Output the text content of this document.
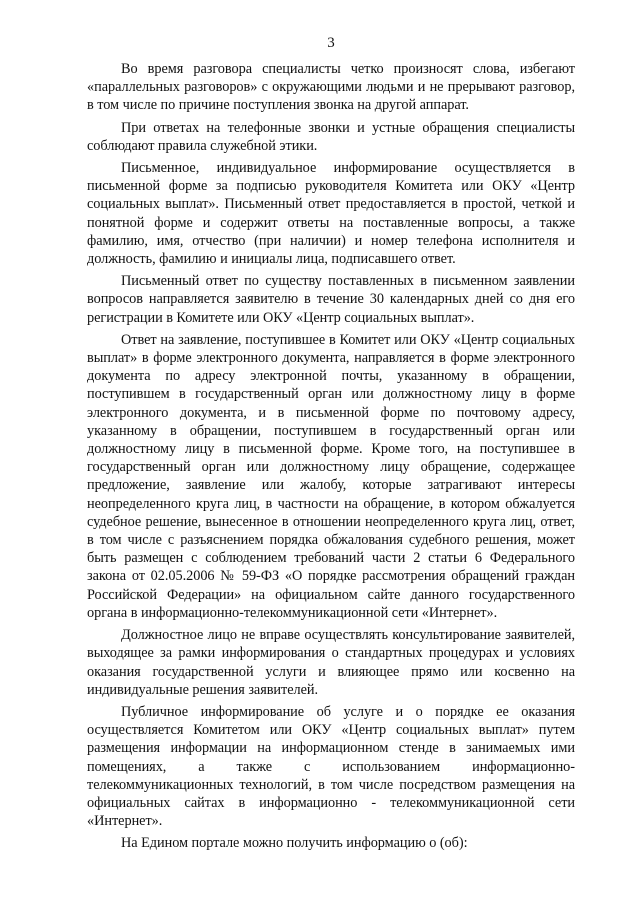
3

Во время разговора специалисты четко произносят слова, избегают «параллельных разговоров» с окружающими людьми и не прерывают разговор, в том числе по причине поступления звонка на другой аппарат.

При ответах на телефонные звонки и устные обращения специалисты соблюдают правила служебной этики.

Письменное, индивидуальное информирование осуществляется в письменной форме за подписью руководителя Комитета или ОКУ «Центр социальных выплат». Письменный ответ предоставляется в простой, четкой и понятной форме и содержит ответы на поставленные вопросы, а также фамилию, имя, отчество (при наличии) и номер телефона исполнителя и должность, фамилию и инициалы лица, подписавшего ответ.

Письменный ответ по существу поставленных в письменном заявлении вопросов направляется заявителю в течение 30 календарных дней со дня его регистрации в Комитете или ОКУ «Центр социальных выплат».

Ответ на заявление, поступившее в Комитет или ОКУ «Центр социальных выплат» в форме электронного документа, направляется в форме электронного документа по адресу электронной почты, указанному в обращении, поступившем в государственный орган или должностному лицу в форме электронного документа, и в письменной форме по почтовому адресу, указанному в обращении, поступившем в государственный орган или должностному лицу в письменной форме. Кроме того, на поступившее в государственный орган или должностному лицу обращение, содержащее предложение, заявление или жалобу, которые затрагивают интересы неопределенного круга лиц, в частности на обращение, в котором обжалуется судебное решение, вынесенное в отношении неопределенного круга лиц, ответ, в том числе с разъяснением порядка обжалования судебного решения, может быть размещен с соблюдением требований части 2 статьи 6 Федерального закона от 02.05.2006 № 59-ФЗ «О порядке рассмотрения обращений граждан Российской Федерации» на официальном сайте данного государственного органа в информационно-телекоммуникационной сети «Интернет».

Должностное лицо не вправе осуществлять консультирование заявителей, выходящее за рамки информирования о стандартных процедурах и условиях оказания государственной услуги и влияющее прямо или косвенно на индивидуальные решения заявителей.

Публичное информирование об услуге и о порядке ее оказания осуществляется Комитетом или ОКУ «Центр социальных выплат» путем размещения информации на информационном стенде в занимаемых ими помещениях, а также с использованием информационно-телекоммуникационных технологий, в том числе посредством размещения на официальных сайтах в информационно - телекоммуникационной сети «Интернет».

На Едином портале можно получить информацию о (об):
